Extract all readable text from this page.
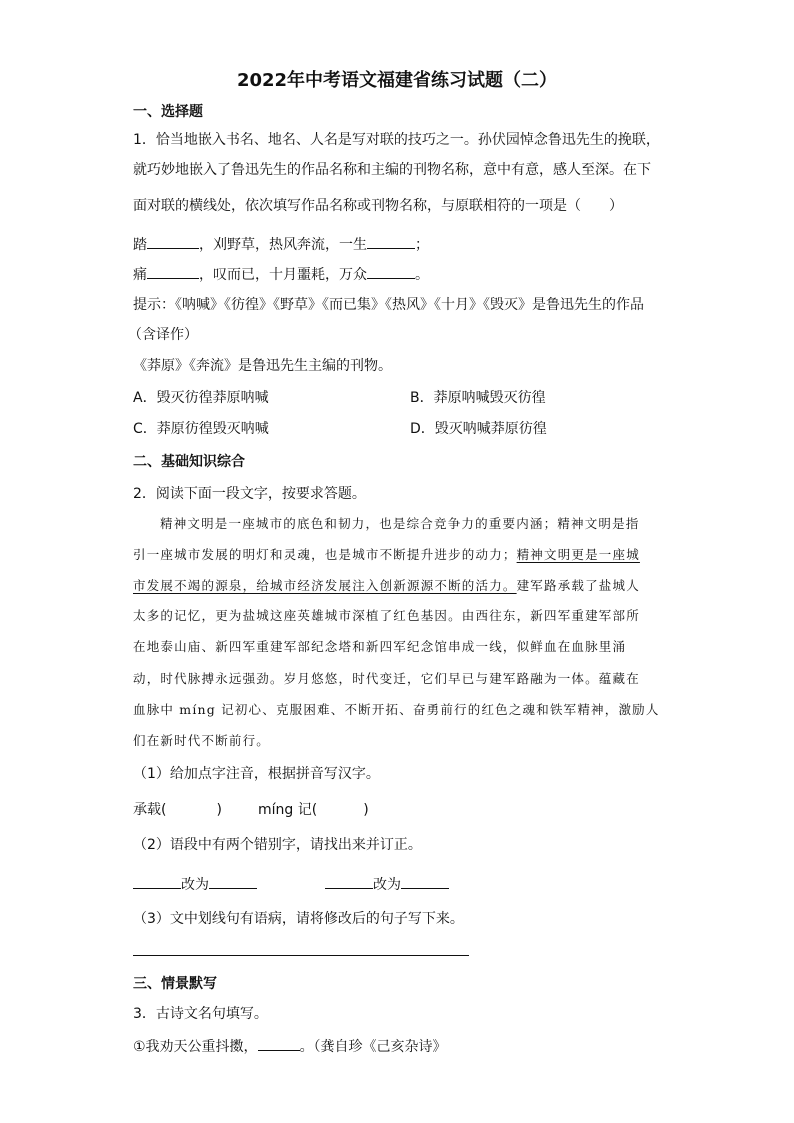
2022年中考语文福建省练习试题（二）
一、选择题
1．恰当地嵌入书名、地名、人名是写对联的技巧之一。孙伏园悼念鲁迅先生的挽联，
就巧妙地嵌入了鲁迅先生的作品名称和主编的刊物名称，意中有意，感人至深。在下
面对联的横线处，依次填写作品名称或刊物名称，与原联相符的一项是（　　）
踏	，刈野草，热风奔流，一生	；
痛	，叹而已，十月噩耗，万众	。
提示：《呐喊》《彷徨》《野草》《而已集》《热风》《十月》《毁灭》是鲁迅先生的作品
（含译作）
《莽原》《奔流》是鲁迅先生主编的刊物。
A．毁灭彷徨莽原呐喊	B．莽原呐喊毁灭彷徨
C．莽原彷徨毁灭呐喊	D．毁灭呐喊莽原彷徨
二、基础知识综合
2．阅读下面一段文字，按要求答题。
精神文明是一座城市的底色和韧力，也是综合竞争力的重要内涵；精神文明是指
引一座城市发展的明灯和灵魂，也是城市不断提升进步的动力；精神文明更是一座城
市发展不竭的源泉，给城市经济发展注入创新源源不断的活力。建军路承载了盐城人
太多的记忆，更为盐城这座英雄城市深植了红色基因。由西往东，新四军重建军部所
在地泰山庙、新四军重建军部纪念塔和新四军纪念馆串成一线，似鲜血在血脉里涌
动，时代脉搏永远强劲。岁月悠悠，时代变迁，它们早已与建军路融为一体。蕴藏在
血脉中 míng 记初心、克服困难、不断开拓、奋勇前行的红色之魂和铁军精神，激励人
们在新时代不断前行。
（1）给加点字注音，根据拼音写汉字。
承载(	)	míng 记(	)
（2）语段中有两个错别字，请找出来并订正。
改为	改为
（3）文中划线句有语病，请将修改后的句子写下来。
三、情景默写
3．古诗文名句填写。
①我劝天公重抖擞，	。（龚自珍《己亥杂诗》
